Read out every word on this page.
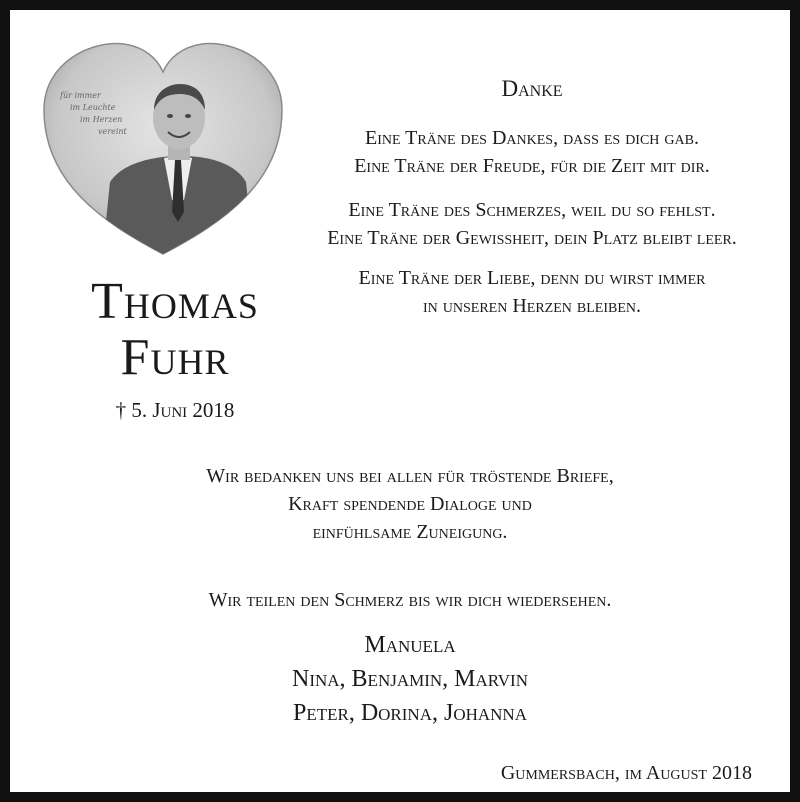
für immer
im Leuchte
im Herzen
vereint
Thomas
Fuhr
† 5. Juni 2018
Danke
Eine Träne des Dankes, dass es dich gab.
Eine Träne der Freude, für die Zeit mit dir.
Eine Träne des Schmerzes, weil du so fehlst.
Eine Träne der Gewissheit, dein Platz bleibt leer.
Eine Träne der Liebe, denn du wirst immer
in unseren Herzen bleiben.
Wir bedanken uns bei allen für tröstende Briefe,
Kraft spendende Dialoge und
einfühlsame Zuneigung.
Wir teilen den Schmerz bis wir dich wiedersehen.
Manuela
Nina, Benjamin, Marvin
Peter, Dorina, Johanna
Gummersbach, im August 2018
